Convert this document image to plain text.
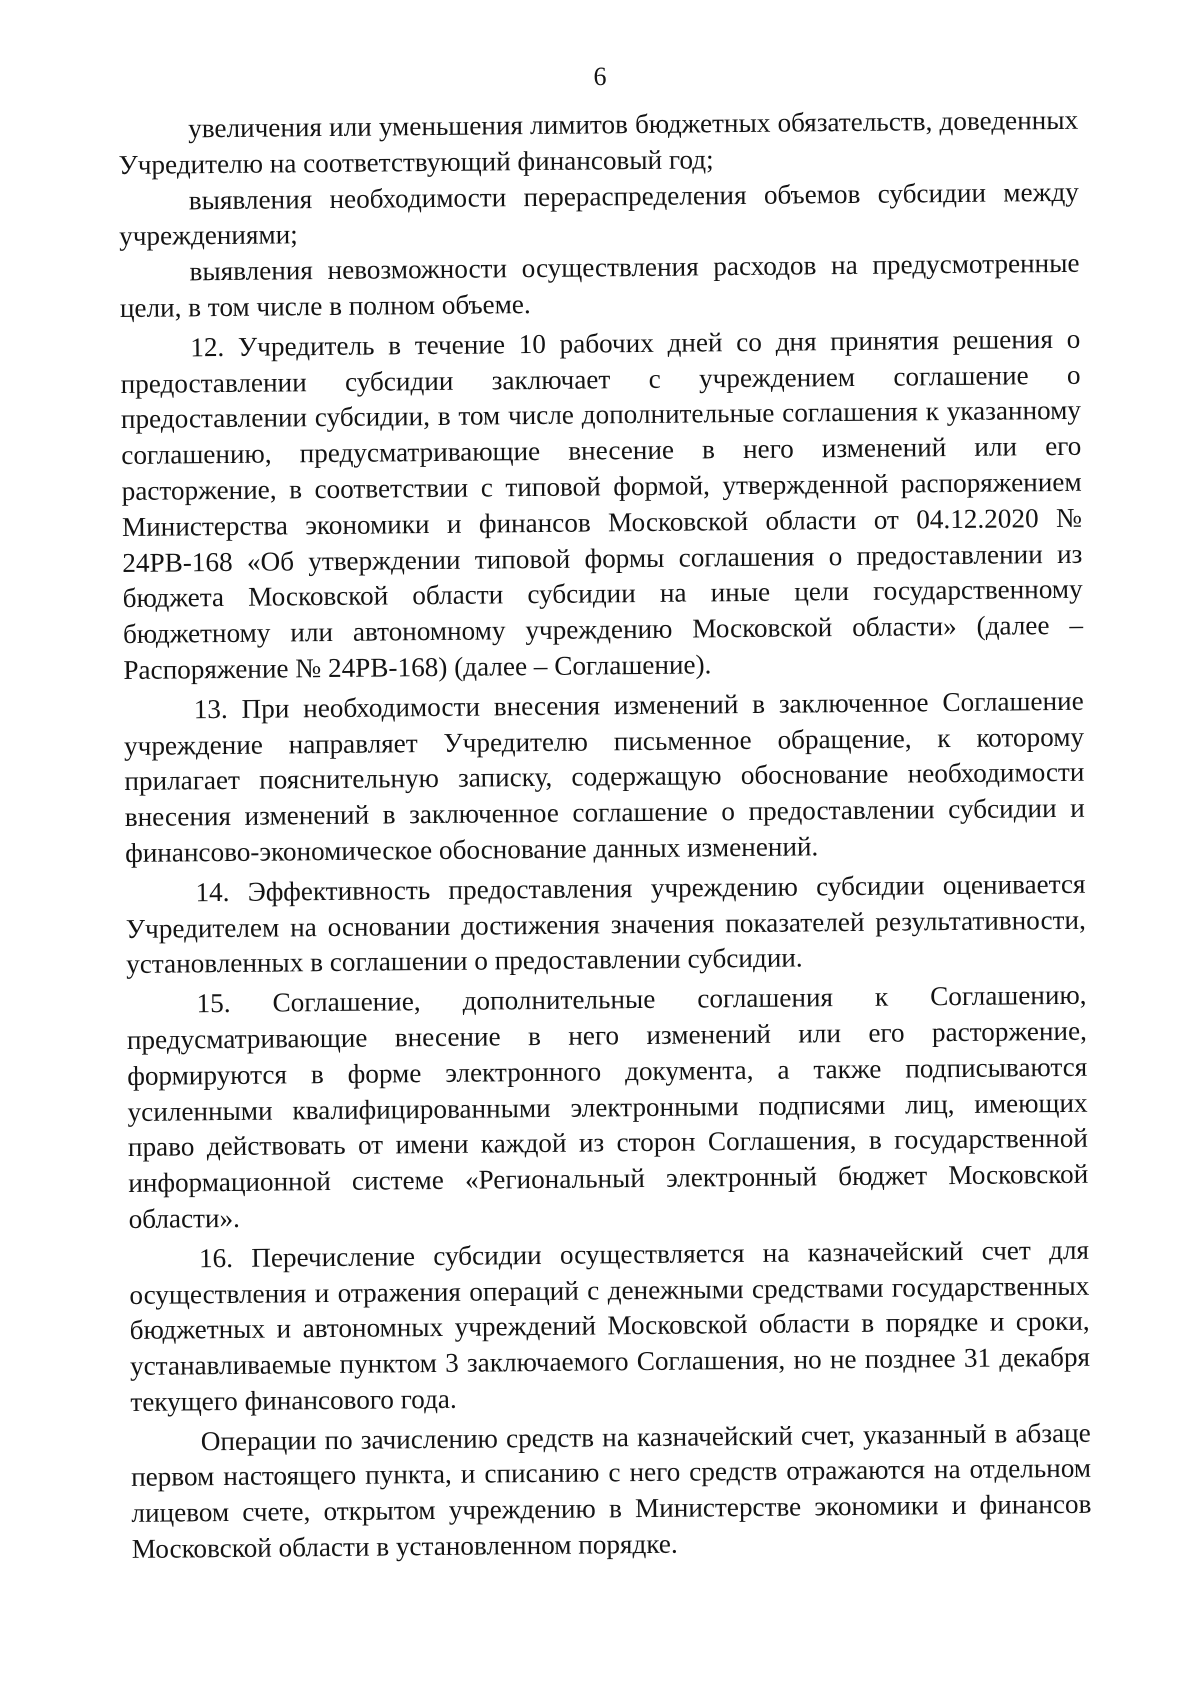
6

увеличения или уменьшения лимитов бюджетных обязательств, доведенных Учредителю на соответствующий финансовый год;

выявления необходимости перераспределения объемов субсидии между учреждениями;

выявления невозможности осуществления расходов на предусмотренные цели, в том числе в полном объеме.

12. Учредитель в течение 10 рабочих дней со дня принятия решения о предоставлении субсидии заключает с учреждением соглашение о предоставлении субсидии, в том числе дополнительные соглашения к указанному соглашению, предусматривающие внесение в него изменений или его расторжение, в соответствии с типовой формой, утвержденной распоряжением Министерства экономики и финансов Московской области от 04.12.2020 № 24РВ-168 «Об утверждении типовой формы соглашения о предоставлении из бюджета Московской области субсидии на иные цели государственному бюджетному или автономному учреждению Московской области» (далее – Распоряжение № 24РВ-168) (далее – Соглашение).

13. При необходимости внесения изменений в заключенное Соглашение учреждение направляет Учредителю письменное обращение, к которому прилагает пояснительную записку, содержащую обоснование необходимости внесения изменений в заключенное соглашение о предоставлении субсидии и финансово-экономическое обоснование данных изменений.

14. Эффективность предоставления учреждению субсидии оценивается Учредителем на основании достижения значения показателей результативности, установленных в соглашении о предоставлении субсидии.

15. Соглашение, дополнительные соглашения к Соглашению, предусматривающие внесение в него изменений или его расторжение, формируются в форме электронного документа, а также подписываются усиленными квалифицированными электронными подписями лиц, имеющих право действовать от имени каждой из сторон Соглашения, в государственной информационной системе «Региональный электронный бюджет Московской области».

16. Перечисление субсидии осуществляется на казначейский счет для осуществления и отражения операций с денежными средствами государственных бюджетных и автономных учреждений Московской области в порядке и сроки, устанавливаемые пунктом 3 заключаемого Соглашения, но не позднее 31 декабря текущего финансового года.

Операции по зачислению средств на казначейский счет, указанный в абзаце первом настоящего пункта, и списанию с него средств отражаются на отдельном лицевом счете, открытом учреждению в Министерстве экономики и финансов Московской области в установленном порядке.
